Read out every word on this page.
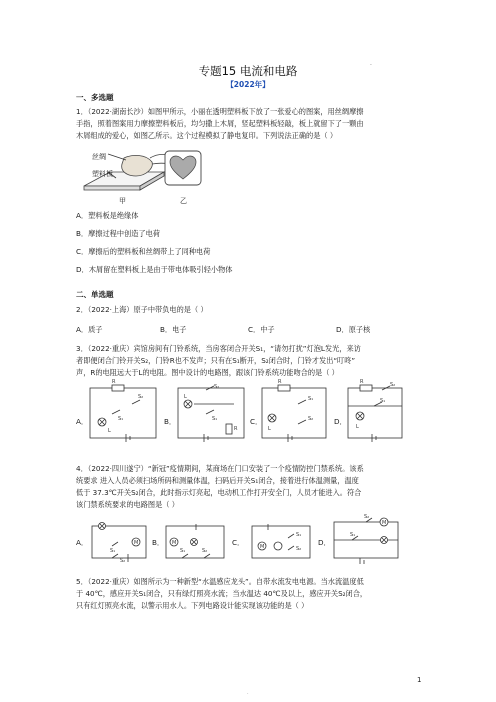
.
专题15 电流和电路
【2022年】
一、多选题
1．（2022·湖南长沙）如图甲所示，小丽在透明塑料板下放了一张爱心的图案，用丝绸摩擦
手指，照着图案用力摩擦塑料板后，均匀撒上木屑，竖起塑料板轻敲，板上就留下了一颗由
木屑组成的爱心，如图乙所示。这个过程模拟了静电复印。下列说法正确的是（ ）
丝绸
塑料板
甲	乙
A．塑料板是绝缘体
B．摩擦过程中创造了电荷
C．摩擦后的塑料板和丝绸带上了同种电荷
D．木屑留在塑料板上是由于带电体吸引轻小物体
二、单选题
2．（2022·上海）原子中带负电的是（ ）
A．质子	B．电子	C．中子	D．原子核
3．（2022·重庆）宾馆房间有门铃系统，当房客闭合开关S₁，“请勿打扰”灯泡L发光，来访
者即便闭合门铃开关S₂，门铃R也不发声；只有在S₁断开，S₂闭合时，门铃才发出“叮咚”
声，R的电阻远大于L的电阻。图中设计的电路图，跟该门铃系统功能吻合的是（ ）
A．	B．	C．	D．
R
S₂
S₁
L
L
S₂
S₁
R
R
S₁
L
S₂
R	S₂
S₁
L
4．（2022·四川遂宁）“新冠”疫情期间，某商场在门口安装了一个疫情防控门禁系统。该系
统要求 进入人员必须扫场所码和测量体温，扫码后开关S₁闭合，接着进行体温测量，温度
低于 37.3℃开关S₂闭合，此时指示灯亮起，电动机工作打开安全门，人员才能进入。符合
该门禁系统要求的电路图是（ ）
A．	B．	C．	D．
M
S₁
S₂
M
S₁	S₂
M
S₁
S₂
M
S₂
S₁
5．（2022·重庆）如图所示为一种新型“水温感应龙头”。自带水流发电电源。当水流温度低
于 40℃，感应开关S₁闭合，只有绿灯照亮水流；当水温达 40℃及以上，感应开关S₂闭合，
只有红灯照亮水流，以警示用水人。下列电路设计能实现该功能的是（ ）
1
.
